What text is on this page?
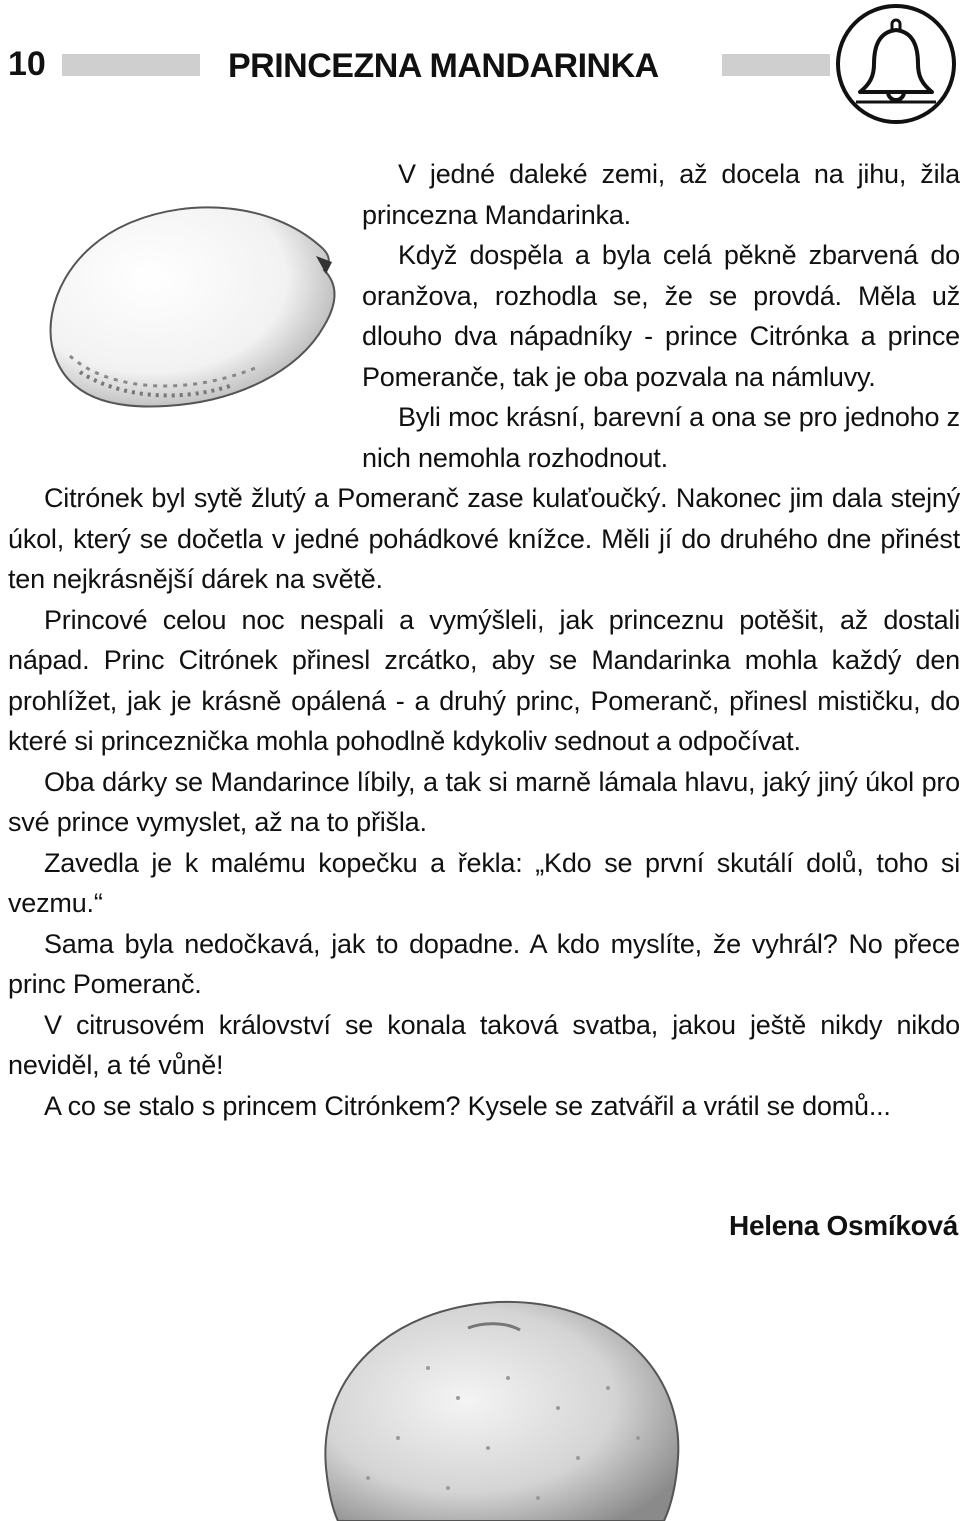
10	PRINCEZNA MANDARINKA

V jedné daleké zemi, až docela na jihu, žila princezna Mandarinka.

Když dospěla a byla celá pěkně zbarvená do oranžova, rozhodla se, že se provdá. Měla už dlouho dva nápadníky - prince Citrónka a prince Pomeranče, tak je oba pozvala na námluvy.

Byli moc krásní, barevní a ona se pro jednoho z nich nemohla rozhodnout.

Citrónek byl sytě žlutý a Pomeranč zase kulaťoučký. Nakonec jim dala stejný úkol, který se dočetla v jedné pohádkové knížce. Měli jí do druhého dne přinést ten nejkrásnější dárek na světě.

Princové celou noc nespali a vymýšleli, jak princeznu potěšit, až dostali nápad. Princ Citrónek přinesl zrcátko, aby se Mandarinka mohla každý den prohlížet, jak je krásně opálená - a druhý princ, Pomeranč, přinesl mističku, do které si princeznička mohla pohodlně kdykoliv sednout a odpočívat.

Oba dárky se Mandarince líbily, a tak si marně lámala hlavu, jaký jiný úkol pro své prince vymyslet, až na to přišla.

Zavedla je k malému kopečku a řekla: „Kdo se první skutálí dolů, toho si vezmu.“

Sama byla nedočkavá, jak to dopadne. A kdo myslíte, že vyhrál? No přece princ Pomeranč.

V citrusovém království se konala taková svatba, jakou ještě nikdy nikdo neviděl, a té vůně!

A co se stalo s princem Citrónkem? Kysele se zatvářil a vrátil se domů...

Helena Osmíková
